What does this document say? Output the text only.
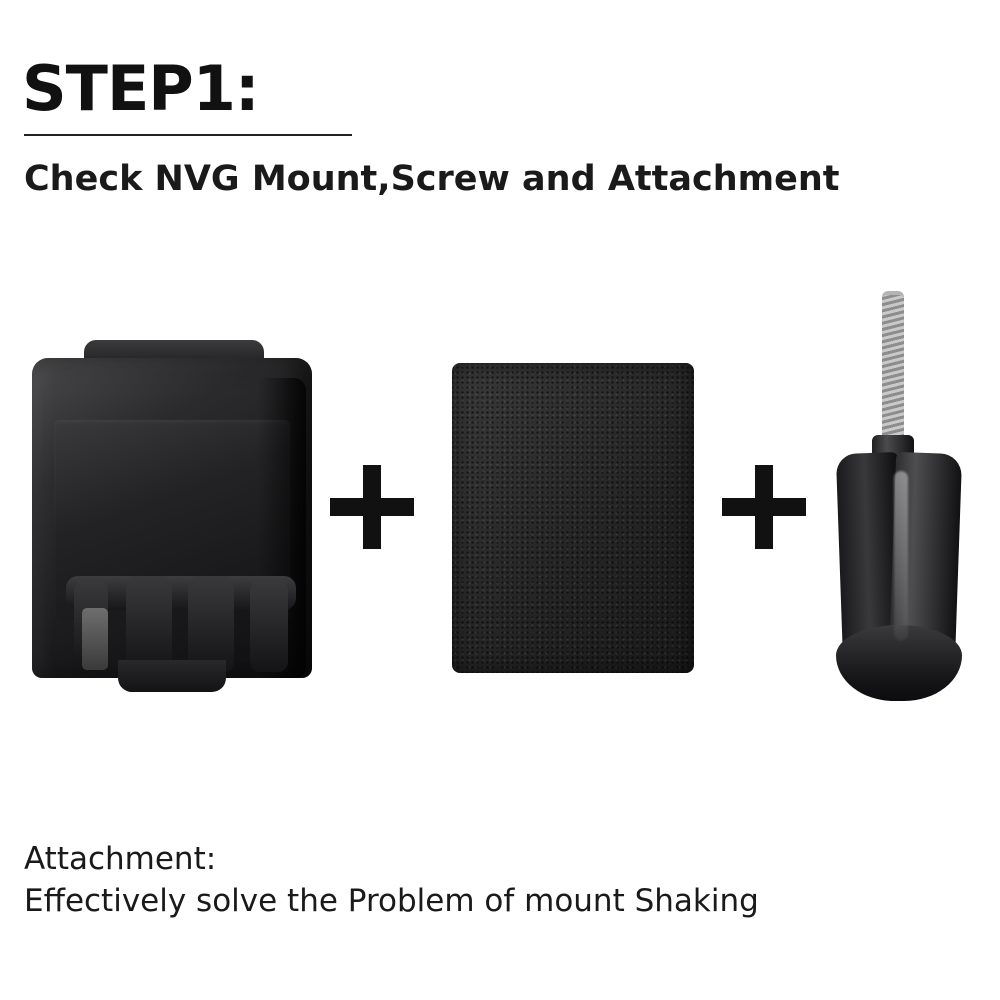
STEP1:
Check NVG Mount,Screw and Attachment
Attachment:
Effectively solve the Problem of mount Shaking
